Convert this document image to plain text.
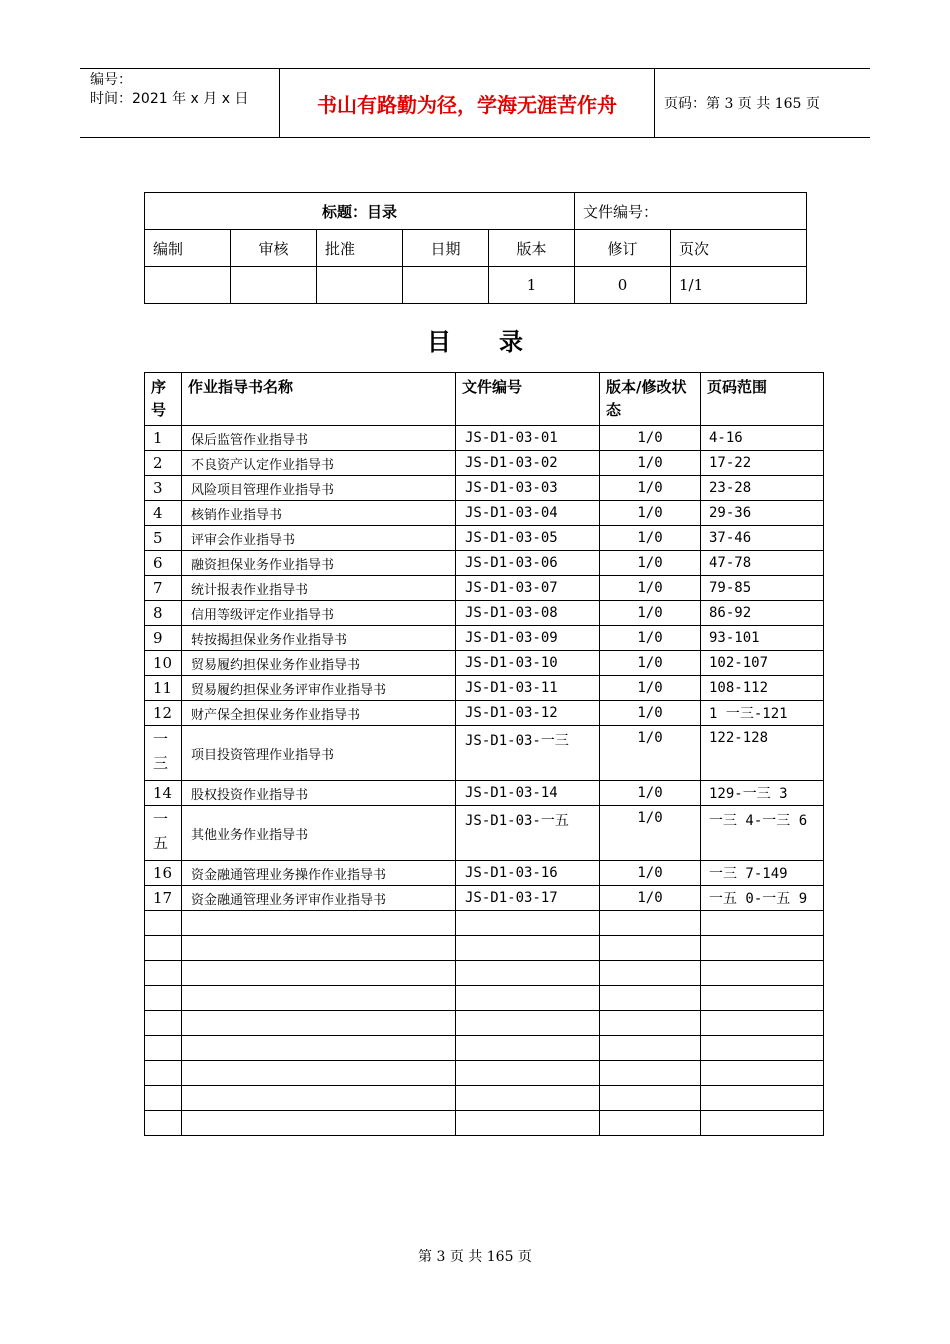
编号：
时间：2021 年 x 月 x 日	书山有路勤为径，学海无涯苦作舟	页码：第 3 页 共 165 页
标题：目录					文件编号：	
编制	审核	批准	日期	版本	修订	页次
				1	0	1/1
目录
序号	作业指导书名称	文件编号	版本/修改状态	页码范围
1	保后监管作业指导书	JS-D1-03-01	1/0	4-16
2	不良资产认定作业指导书	JS-D1-03-02	1/0	17-22
3	风险项目管理作业指导书	JS-D1-03-03	1/0	23-28
4	核销作业指导书	JS-D1-03-04	1/0	29-36
5	评审会作业指导书	JS-D1-03-05	1/0	37-46
6	融资担保业务作业指导书	JS-D1-03-06	1/0	47-78
7	统计报表作业指导书	JS-D1-03-07	1/0	79-85
8	信用等级评定作业指导书	JS-D1-03-08	1/0	86-92
9	转按揭担保业务作业指导书	JS-D1-03-09	1/0	93-101
10	贸易履约担保业务作业指导书	JS-D1-03-10	1/0	102-107
11	贸易履约担保业务评审作业指导书	JS-D1-03-11	1/0	108-112
12	财产保全担保业务作业指导书	JS-D1-03-12	1/0	1 一三-121
一
三	项目投资管理作业指导书	JS-D1-03-一三	1/0	122-128
14	股权投资作业指导书	JS-D1-03-14	1/0	129-一三 3
一
五	其他业务作业指导书	JS-D1-03-一五	1/0	一三 4-一三 6
16	资金融通管理业务操作作业指导书	JS-D1-03-16	1/0	一三 7-149
17	资金融通管理业务评审作业指导书	JS-D1-03-17	1/0	一五 0-一五 9

第 3 页 共 165 页
